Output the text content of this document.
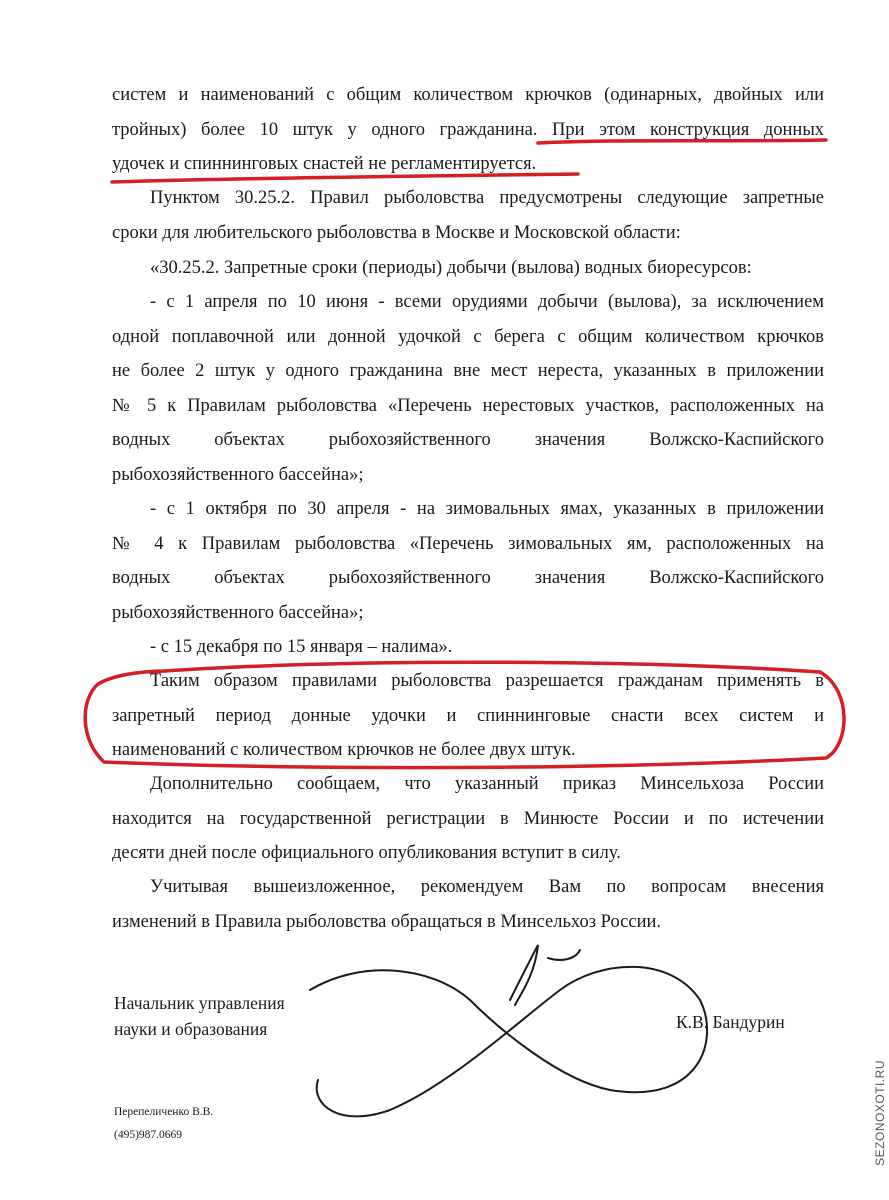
систем и наименований с общим количеством крючков (одинарных, двойных или
тройных) более 10 штук у одного гражданина. При этом конструкция донных
удочек и спиннинговых снастей не регламентируется.
Пунктом 30.25.2. Правил рыболовства предусмотрены следующие запретные
сроки для любительского рыболовства в Москве и Московской области:
«30.25.2. Запретные сроки (периоды) добычи (вылова) водных биоресурсов:
- с 1 апреля по 10 июня - всеми орудиями добычи (вылова), за исключением
одной поплавочной или донной удочкой с берега с общим количеством крючков
не более 2 штук у одного гражданина вне мест нереста, указанных в приложении
№ 5 к Правилам рыболовства «Перечень нерестовых участков, расположенных на
водных объектах рыбохозяйственного значения Волжско-Каспийского
рыбохозяйственного бассейна»;
- с 1 октября по 30 апреля - на зимовальных ямах, указанных в приложении
№ 4 к Правилам рыболовства «Перечень зимовальных ям, расположенных на
водных объектах рыбохозяйственного значения Волжско-Каспийского
рыбохозяйственного бассейна»;
- с 15 декабря по 15 января – налима».
Таким образом правилами рыболовства разрешается гражданам применять в
запретный период донные удочки и спиннинговые снасти всех систем и
наименований с количеством крючков не более двух штук.
Дополнительно сообщаем, что указанный приказ Минсельхоза России
находится на государственной регистрации в Минюсте России и по истечении
десяти дней после официального опубликования вступит в силу.
Учитывая вышеизложенное, рекомендуем Вам по вопросам внесения
изменений в Правила рыболовства обращаться в Минсельхоз России.
Начальник управления
науки и образования	К.В. Бандурин
Перепеличенко В.В.
(495)987.0669	SEZONOXOTI.RU
